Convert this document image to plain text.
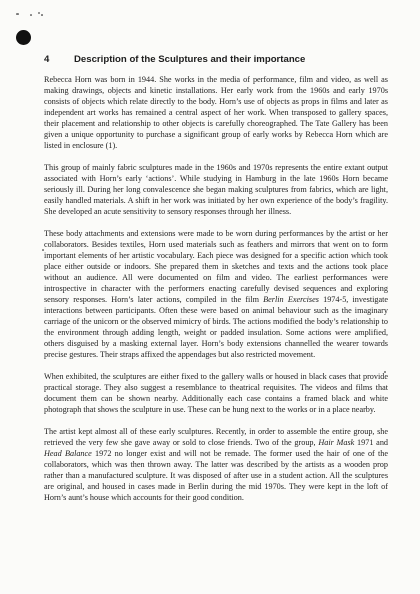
4	Description of the Sculptures and their importance

Rebecca Horn was born in 1944. She works in the media of performance, film and video, as well as making drawings, objects and kinetic installations. Her early work from the 1960s and early 1970s consists of objects which relate directly to the body. Horn’s use of objects as props in films and later as independent art works has remained a central aspect of her work. When transposed to gallery spaces, their placement and relationship to other objects is carefully choreographed. The Tate Gallery has been given a unique opportunity to purchase a significant group of early works by Rebecca Horn which are listed in enclosure (1).

This group of mainly fabric sculptures made in the 1960s and 1970s represents the entire extant output associated with Horn’s early ‘actions’. While studying in Hamburg in the late 1960s Horn became seriously ill. During her long convalescence she began making sculptures from fabrics, which are light, easily handled materials. A shift in her work was initiated by her own experience of the body’s fragility. She developed an acute sensitivity to sensory responses through her illness.

These body attachments and extensions were made to be worn during performances by the artist or her collaborators. Besides textiles, Horn used materials such as feathers and mirrors that went on to form important elements of her artistic vocabulary. Each piece was designed for a specific action which took place either outside or indoors. She prepared them in sketches and texts and the actions took place without an audience. All were documented on film and video. The earliest performances were introspective in character with the performers enacting carefully devised sequences and exploring sensory responses. Horn’s later actions, compiled in the film Berlin Exercises 1974-5, investigate interactions between participants. Often these were based on animal behaviour such as the imaginary carriage of the unicorn or the observed mimicry of birds. The actions modified the body’s relationship to the environment through adding length, weight or padded insulation. Some actions were amplified, others disguised by a masking external layer. Horn’s body extensions channelled the wearer towards precise gestures. Their straps affixed the appendages but also restricted movement.

When exhibited, the sculptures are either fixed to the gallery walls or housed in black cases that provide practical storage. They also suggest a resemblance to theatrical requisites. The videos and films that document them can be shown nearby. Additionally each case contains a framed black and white photograph that shows the sculpture in use. These can be hung next to the works or in a place nearby.

The artist kept almost all of these early sculptures. Recently, in order to assemble the entire group, she retrieved the very few she gave away or sold to close friends. Two of the group, Hair Mask 1971 and Head Balance 1972 no longer exist and will not be remade. The former used the hair of one of the collaborators, which was then thrown away. The latter was described by the artists as a wooden prop rather than a manufactured sculpture. It was disposed of after use in a student action. All the sculptures are original, and housed in cases made in Berlin during the mid 1970s. They were kept in the loft of Horn’s aunt’s house which accounts for their good condition.
